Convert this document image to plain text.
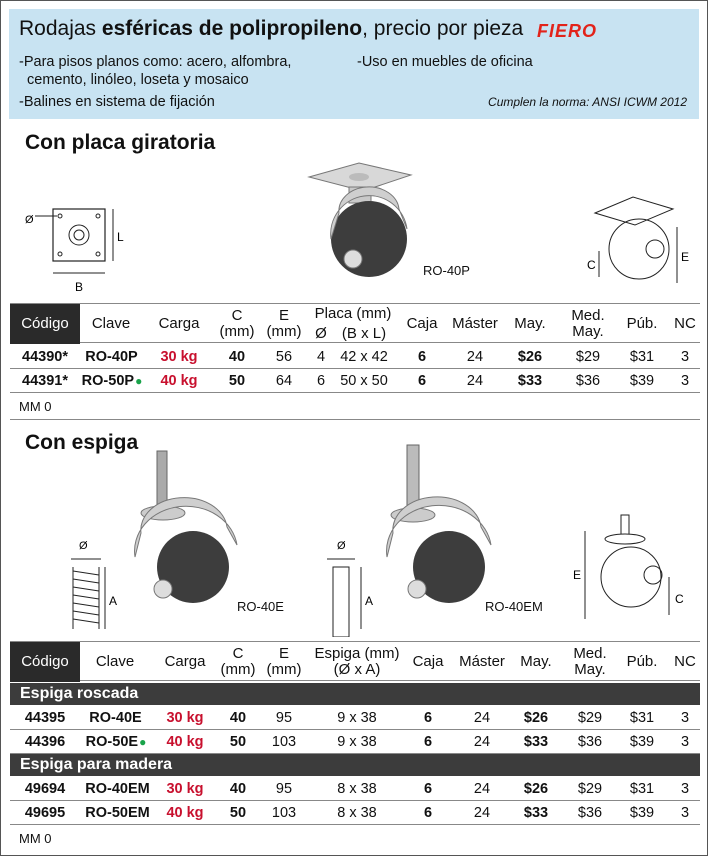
Rodajas esféricas de polipropileno, precio por pieza FIERO
-Para pisos planos como: acero, alfombra,
cemento, linóleo, loseta y mosaico
-Balines en sistema de fijación
-Uso en muebles de oficina
Cumplen la norma: ANSI ICWM 2012
Con placa giratoria
Ø
L
B
RO-40P	C
E
Código	Clave	Carga	C
(mm)
E
(mm)
Placa (mm)
Ø	(B x L)
Caja Máster	May.	Med.
May.	Púb.	NC
44390 * RO-40P	30 kg	40	56	4	42 x 42	6	24	$26	$29	$31	3
44391 * RO-50P ●	40 kg	50	64	6	50 x 50	6	24	$33	$36	$39	3
MM 0
Con espiga
Ø
A	RO-40E
Ø
A	RO-40EM
E
C
Código	Clave	Carga	C
(mm)
E
(mm)
Espiga (mm)
(Ø x A)	Caja	Máster	May.	Med.
May.	Púb.	NC
Espiga roscada
44395	RO-40E	30 kg	40	95	9 x 38	6	24	$26	$29	$31	3
44396	RO-50E ●	40 kg	50	103	9 x 38	6	24	$33	$36	$39	3
Espiga para madera
49694	RO-40EM	30 kg	40	95	8 x 38	6	24	$26	$29	$31	3
49695	RO-50EM	40 kg	50	103	8 x 38	6	24	$33	$36	$39	3
MM 0
